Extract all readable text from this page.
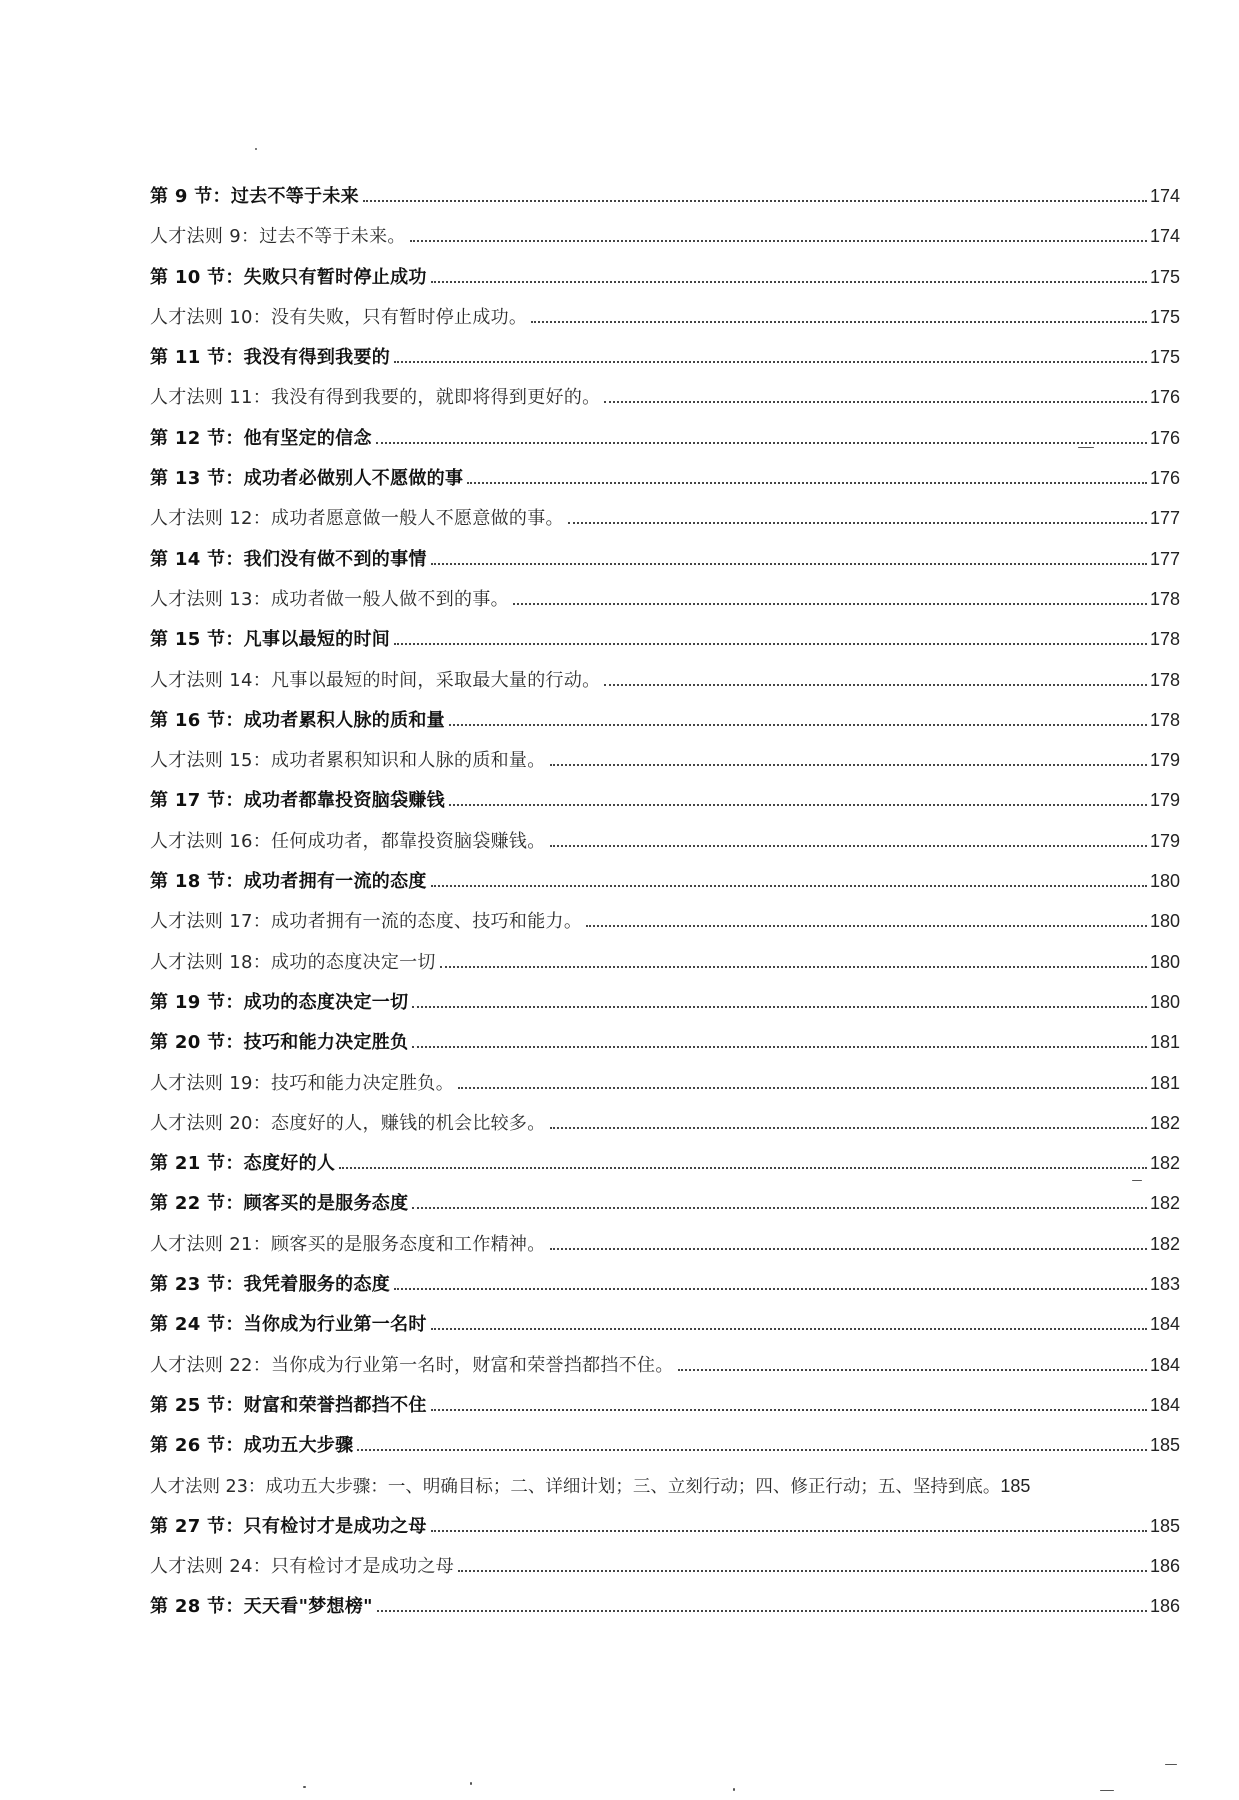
第 9 节：过去不等于未来	174
人才法则 9：过去不等于未来。	174
第 10 节：失败只有暂时停止成功	175
人才法则 10：没有失败，只有暂时停止成功。	175
第 11 节：我没有得到我要的	175
人才法则 11：我没有得到我要的，就即将得到更好的。	176
第 12 节：他有坚定的信念	176
第 13 节：成功者必做别人不愿做的事	176
人才法则 12：成功者愿意做一般人不愿意做的事。	177
第 14 节：我们没有做不到的事情	177
人才法则 13：成功者做一般人做不到的事。	178
第 15 节：凡事以最短的时间	178
人才法则 14：凡事以最短的时间，采取最大量的行动。	178
第 16 节：成功者累积人脉的质和量	178
人才法则 15：成功者累积知识和人脉的质和量。	179
第 17 节：成功者都靠投资脑袋赚钱	179
人才法则 16：任何成功者，都靠投资脑袋赚钱。	179
第 18 节：成功者拥有一流的态度	180
人才法则 17：成功者拥有一流的态度、技巧和能力。	180
人才法则 18：成功的态度决定一切	180
第 19 节：成功的态度决定一切	180
第 20 节：技巧和能力决定胜负	181
人才法则 19：技巧和能力决定胜负。	181
人才法则 20：态度好的人，赚钱的机会比较多。	182
第 21 节：态度好的人	182
第 22 节：顾客买的是服务态度	182
人才法则 21：顾客买的是服务态度和工作精神。	182
第 23 节：我凭着服务的态度	183
第 24 节：当你成为行业第一名时	184
人才法则 22：当你成为行业第一名时，财富和荣誉挡都挡不住。	184
第 25 节：财富和荣誉挡都挡不住	184
第 26 节：成功五大步骤	185
人才法则 23：成功五大步骤：一、明确目标；二、详细计划；三、立刻行动；四、修正行动；五、坚持到底。 185
第 27 节：只有检讨才是成功之母	185
人才法则 24：只有检讨才是成功之母	186
第 28 节：天天看"梦想榜"	186
